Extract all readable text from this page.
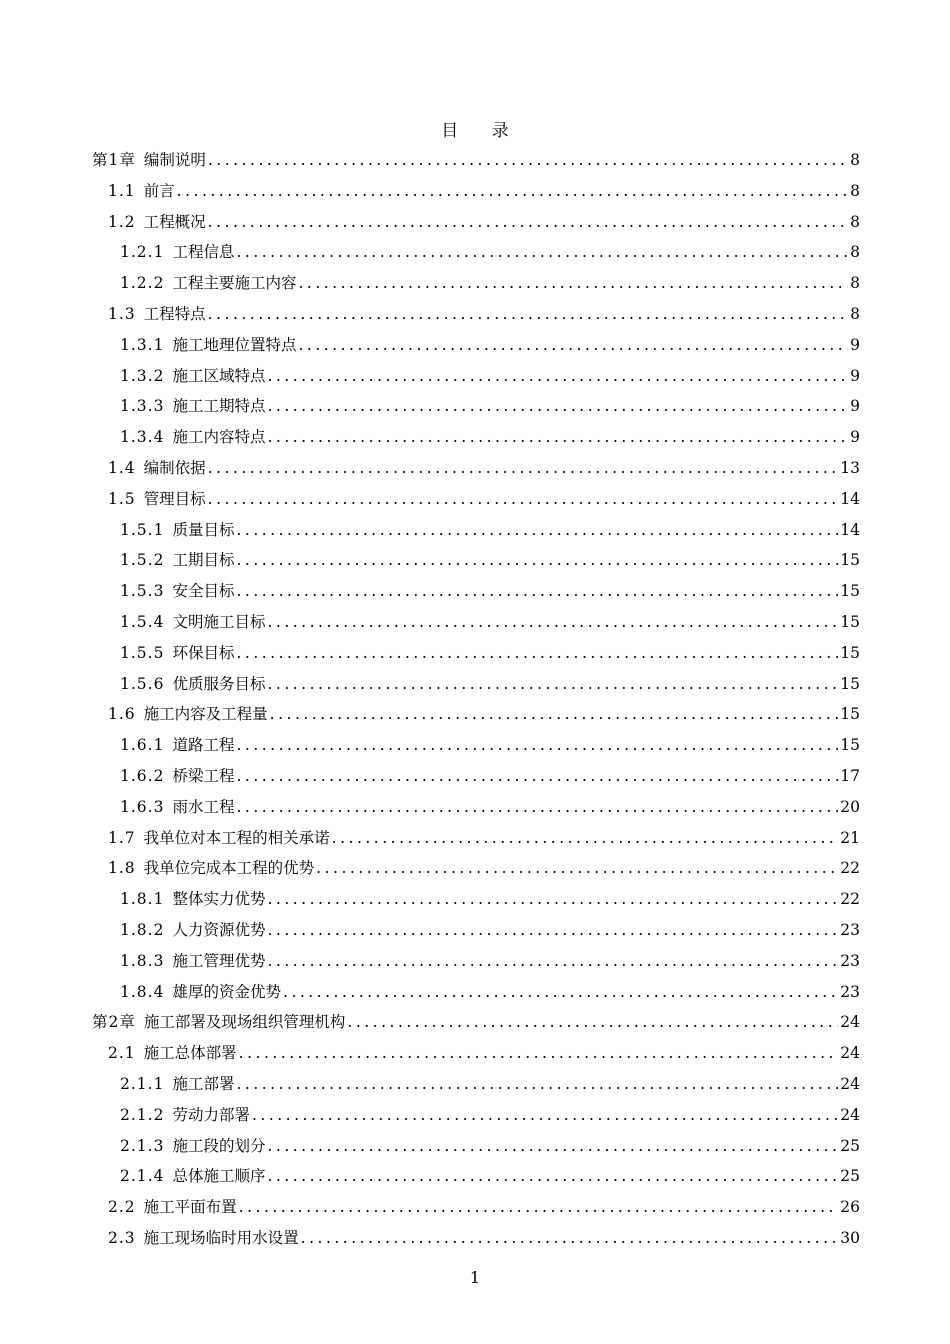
目 录
第1章 编制说明 .....	8
1.1 前言 .....	8
1.2 工程概况 .....	8
1.2.1 工程信息 .....	8
1.2.2 工程主要施工内容 .....	8
1.3 工程特点 .....	8
1.3.1 施工地理位置特点 .....	9
1.3.2 施工区域特点 .....	9
1.3.3 施工工期特点 .....	9
1.3.4 施工内容特点 .....	9
1.4 编制依据 .....	13
1.5 管理目标 .....	14
1.5.1 质量目标 .....	14
1.5.2 工期目标 .....	15
1.5.3 安全目标 .....	15
1.5.4 文明施工目标 .....	15
1.5.5 环保目标 .....	15
1.5.6 优质服务目标 .....	15
1.6 施工内容及工程量 .....	15
1.6.1 道路工程 .....	15
1.6.2 桥梁工程 .....	17
1.6.3 雨水工程 .....	20
1.7 我单位对本工程的相关承诺 .....	21
1.8 我单位完成本工程的优势 .....	22
1.8.1 整体实力优势 .....	22
1.8.2 人力资源优势 .....	23
1.8.3 施工管理优势 .....	23
1.8.4 雄厚的资金优势 .....	23
第2章 施工部署及现场组织管理机构 .....	24
2.1 施工总体部署 .....	24
2.1.1 施工部署 .....	24
2.1.2 劳动力部署 .....	24
2.1.3 施工段的划分 .....	25
2.1.4 总体施工顺序 .....	25
2.2 施工平面布置 .....	26
2.3 施工现场临时用水设置 .....	30
1
